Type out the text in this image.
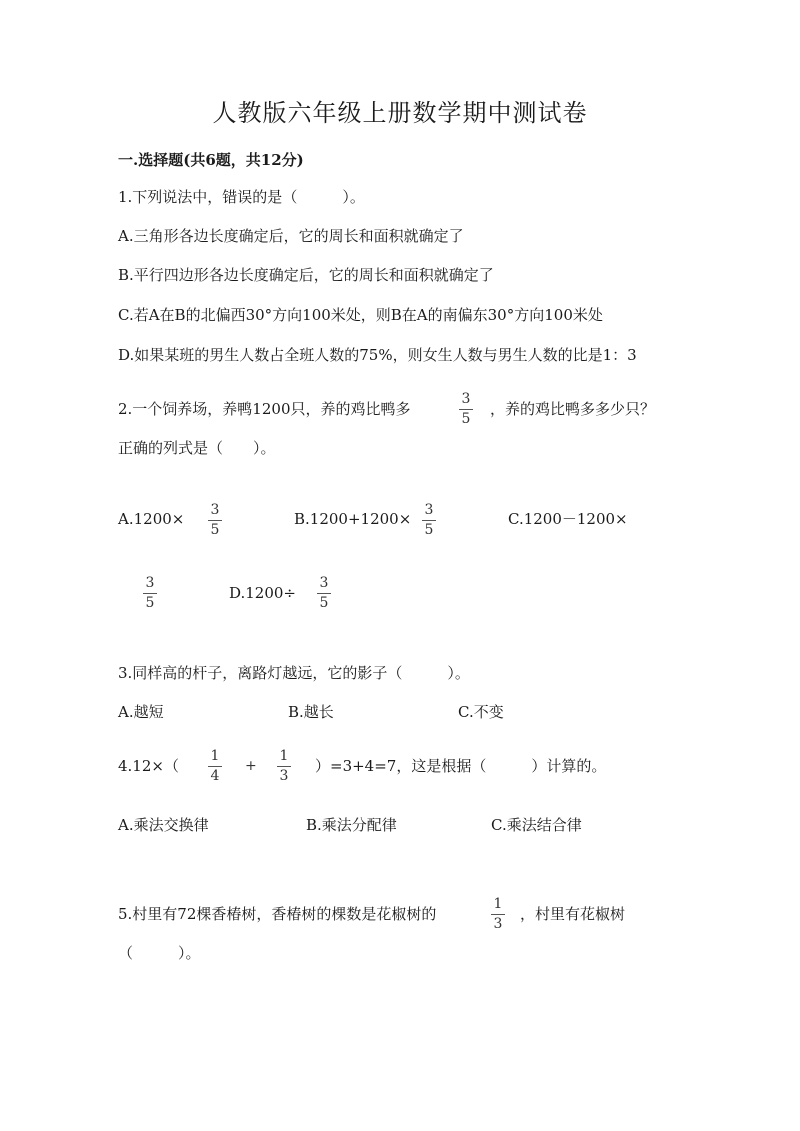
人教版六年级上册数学期中测试卷
一.选择题(共6题，共12分)
1.下列说法中，错误的是（　　　）。
A.三角形各边长度确定后，它的周长和面积就确定了
B.平行四边形各边长度确定后，它的周长和面积就确定了
C.若A在B的北偏西30°方向100米处，则B在A的南偏东30°方向100米处
D.如果某班的男生人数占全班人数的75%，则女生人数与男生人数的比是1：3
2.一个饲养场，养鸭1200只，养的鸡比鸭多
3
5
，养的鸡比鸭多多少只？
正确的列式是（　　）。
A.1200× 3
5
B.1200+1200× 3
5
C.1200－1200×
3
5
D.1200÷
3
5
3.同样高的杆子，离路灯越远，它的影子（　　　）。
A.越短	B.越长	C.不变
4.12×（
1
4
+
1
3
）=3+4=7，这是根据（　　　）计算的。
A.乘法交换律	B.乘法分配律	C.乘法结合律
5.村里有72棵香椿树，香椿树的棵数是花椒树的
1
3
，村里有花椒树
（　　　）。
